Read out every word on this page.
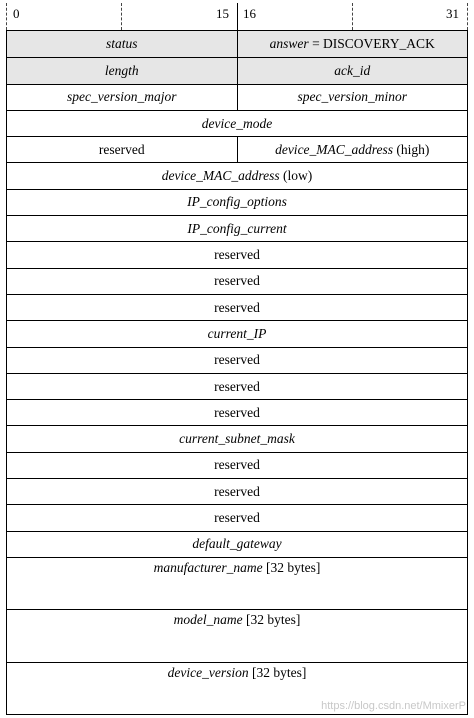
0	15 16	31
status	answer = DISCOVERY_ACK
length	ack_id
spec_version_major	spec_version_minor
device_mode
reserved	device_MAC_address (high)
device_MAC_address (low)
IP_config_options
IP_config_current
reserved
reserved
reserved
current_IP
reserved
reserved
reserved
current_subnet_mask
reserved
reserved
reserved
default_gateway
manufacturer_name [32 bytes]
model_name [32 bytes]
device_version [32 bytes]
https://blog.csdn.net/MmixerP
